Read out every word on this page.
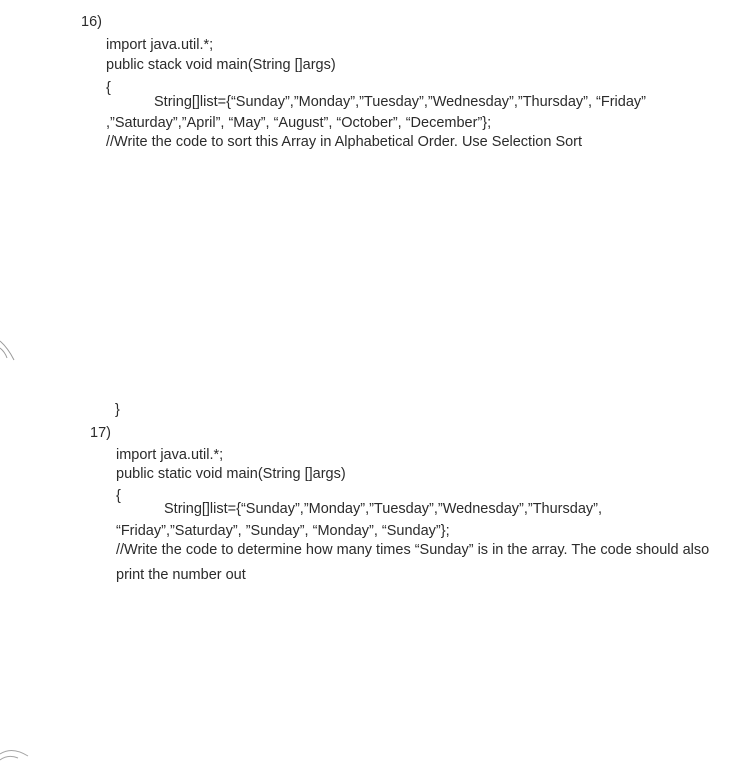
16)
import java.util.*;
public stack void main(String []args)
{
String[]list={“Sunday”,”Monday”,”Tuesday”,”Wednesday”,”Thursday”, “Friday”
,”Saturday”,”April”, “May”, “August”, “October”, “December”};
//Write the code to sort this Array in Alphabetical Order. Use Selection Sort
}
17)
import java.util.*;
public static void main(String []args)
{
String[]list={“Sunday”,”Monday”,”Tuesday”,”Wednesday”,”Thursday”,
“Friday”,”Saturday”, ”Sunday”, “Monday”, “Sunday”};
//Write the code to determine how many times “Sunday” is in the array. The code should also
print the number out
